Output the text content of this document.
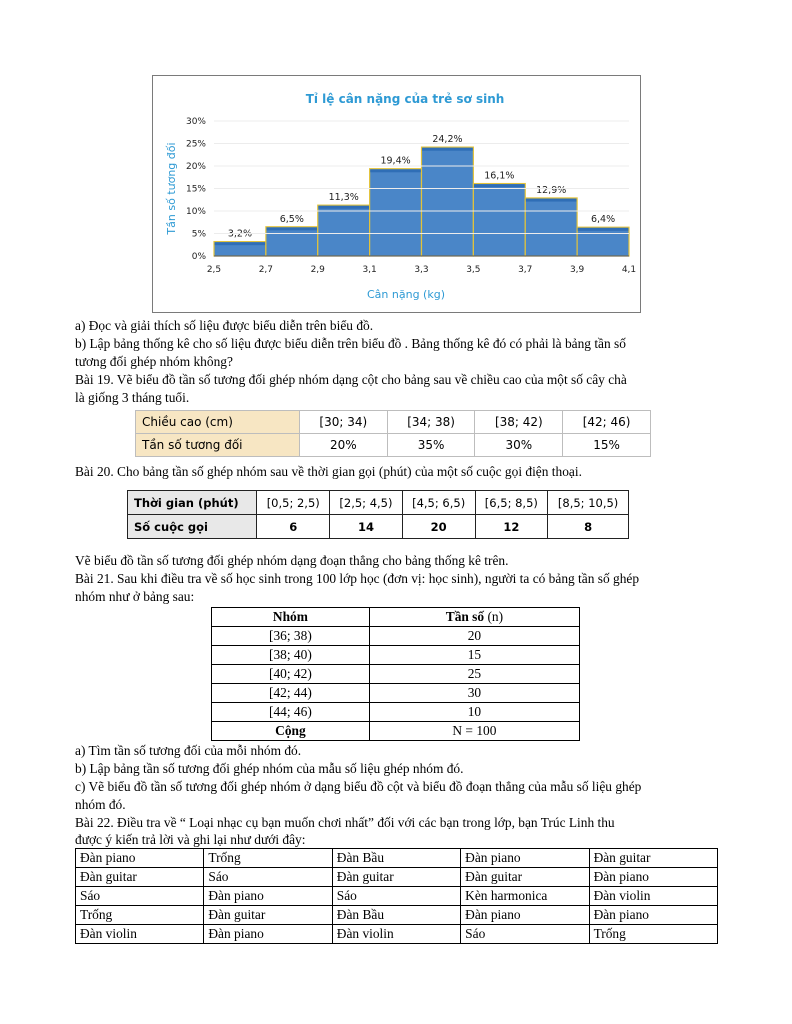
Tỉ lệ cân nặng của trẻ sơ sinh
Tần số tương đối
Cân nặng (kg)
3,2%
6,5%
11,3%
19,4%
24,2%
16,1%
12,9%
6,4%
0%
5%
10%
15%
20%
25%
30%
2,5	2,7	2,9	3,1	3,3	3,5	3,7	3,9	4,1
a) Đọc và giải thích số liệu được biểu diễn trên biểu đồ.
b) Lập bảng thống kê cho số liệu được biểu diễn trên biểu đồ . Bảng thống kê đó có phải là bảng tần số
tương đối ghép nhóm không?
Bài 19. Vẽ biểu đồ tần số tương đối ghép nhóm dạng cột cho bảng sau về chiều cao của một số cây chà
là giống 3 tháng tuổi.
Chiều cao (cm)	[30; 34)	[34; 38)	[38; 42)	[42; 46)
Tần số tương đối	20%	35%	30%	15%
Bài 20. Cho bảng tần số ghép nhóm sau về thời gian gọi (phút) của một số cuộc gọi điện thoại.
Thời gian (phút)	[0,5; 2,5)	[2,5; 4,5)	[4,5; 6,5)	[6,5; 8,5)	[8,5; 10,5)
Số cuộc gọi	6	14	20	12	8
Vẽ biểu đồ tần số tương đối ghép nhóm dạng đoạn thẳng cho bảng thống kê trên.
Bài 21. Sau khi điều tra về số học sinh trong 100 lớp học (đơn vị: học sinh), người ta có bảng tần số ghép
nhóm như ở bảng sau:
Nhóm	Tần số (n)
[36; 38)	20
[38; 40)	15
[40; 42)	25
[42; 44)	30
[44; 46)	10
Cộng	N = 100
a) Tìm tần số tương đối của mỗi nhóm đó.
b) Lập bảng tần số tương đối ghép nhóm của mẫu số liệu ghép nhóm đó.
c) Vẽ biểu đồ tần số tương đối ghép nhóm ở dạng biểu đồ cột và biểu đồ đoạn thẳng của mẫu số liệu ghép
nhóm đó.
Bài 22. Điều tra về “ Loại nhạc cụ bạn muốn chơi nhất” đối với các bạn trong lớp, bạn Trúc Linh thu
được ý kiến trả lời và ghi lại như dưới đây:
Đàn piano	Trống	Đàn Bầu	Đàn piano	Đàn guitar
Đàn guitar	Sáo	Đàn guitar	Đàn guitar	Đàn piano
Sáo	Đàn piano	Sáo	Kèn harmonica	Đàn violin
Trống	Đàn guitar	Đàn Bầu	Đàn piano	Đàn piano
Đàn violin	Đàn piano	Đàn violin	Sáo	Trống
